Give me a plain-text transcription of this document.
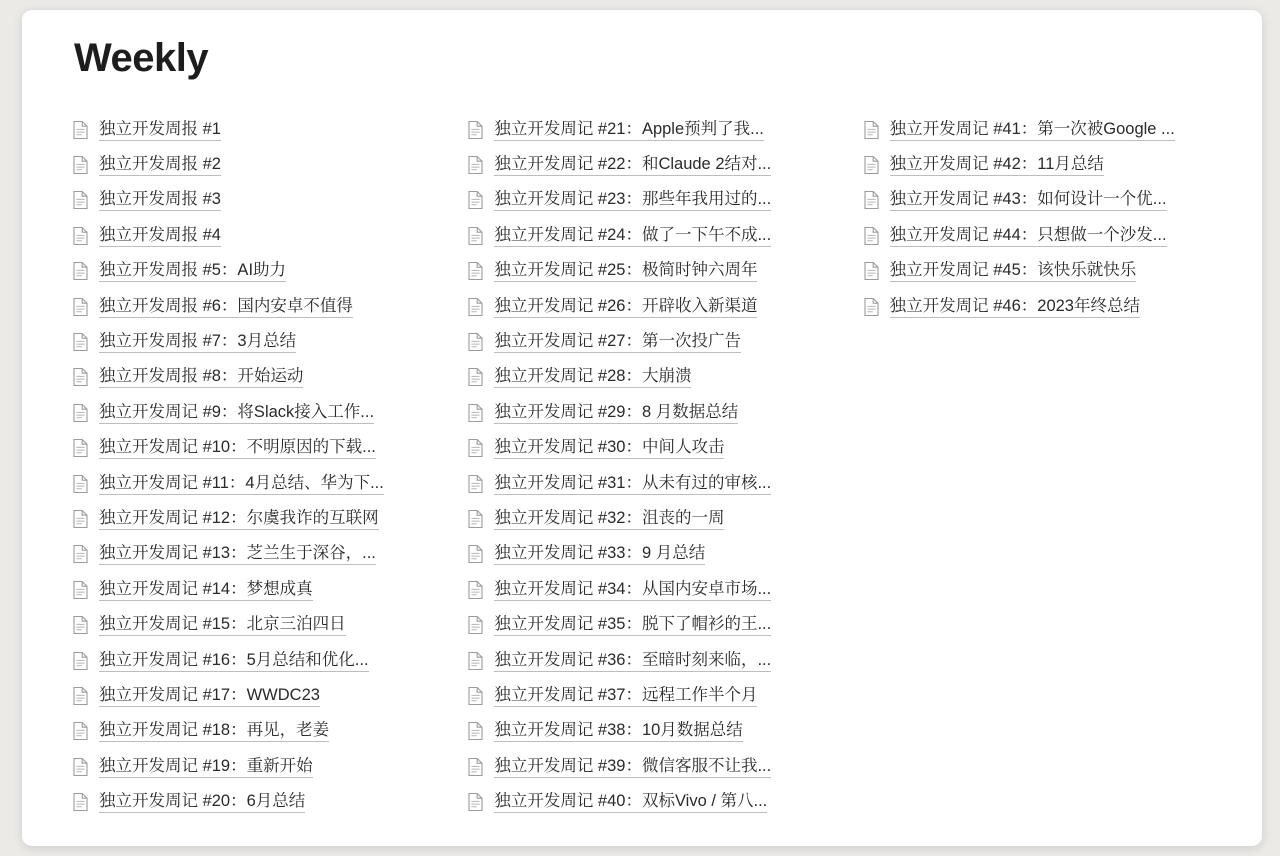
Weekly
独立开发周报 #1
独立开发周报 #2
独立开发周报 #3
独立开发周报 #4
独立开发周报 #5：AI助力
独立开发周报 #6：国内安卓不值得
独立开发周报 #7：3月总结
独立开发周报 #8：开始运动
独立开发周记 #9：将Slack接入工作...
独立开发周记 #10：不明原因的下载...
独立开发周记 #11：4月总结、华为下...
独立开发周记 #12：尔虞我诈的互联网
独立开发周记 #13：芝兰生于深谷，...
独立开发周记 #14：梦想成真
独立开发周记 #15：北京三泊四日
独立开发周记 #16：5月总结和优化...
独立开发周记 #17：WWDC23
独立开发周记 #18：再见，老姜
独立开发周记 #19：重新开始
独立开发周记 #20：6月总结
独立开发周记 #21：Apple预判了我...
独立开发周记 #22：和Claude 2结对...
独立开发周记 #23：那些年我用过的...
独立开发周记 #24：做了一下午不成...
独立开发周记 #25：极简时钟六周年
独立开发周记 #26：开辟收入新渠道
独立开发周记 #27：第一次投广告
独立开发周记 #28：大崩溃
独立开发周记 #29：8 月数据总结
独立开发周记 #30：中间人攻击
独立开发周记 #31：从未有过的审核...
独立开发周记 #32：沮丧的一周
独立开发周记 #33：9 月总结
独立开发周记 #34：从国内安卓市场...
独立开发周记 #35：脱下了帽衫的王...
独立开发周记 #36：至暗时刻来临，...
独立开发周记 #37：远程工作半个月
独立开发周记 #38：10月数据总结
独立开发周记 #39：微信客服不让我...
独立开发周记 #40：双标Vivo / 第八...
独立开发周记 #41：第一次被Google ...
独立开发周记 #42：11月总结
独立开发周记 #43：如何设计一个优...
独立开发周记 #44：只想做一个沙发...
独立开发周记 #45：该快乐就快乐
独立开发周记 #46：2023年终总结
